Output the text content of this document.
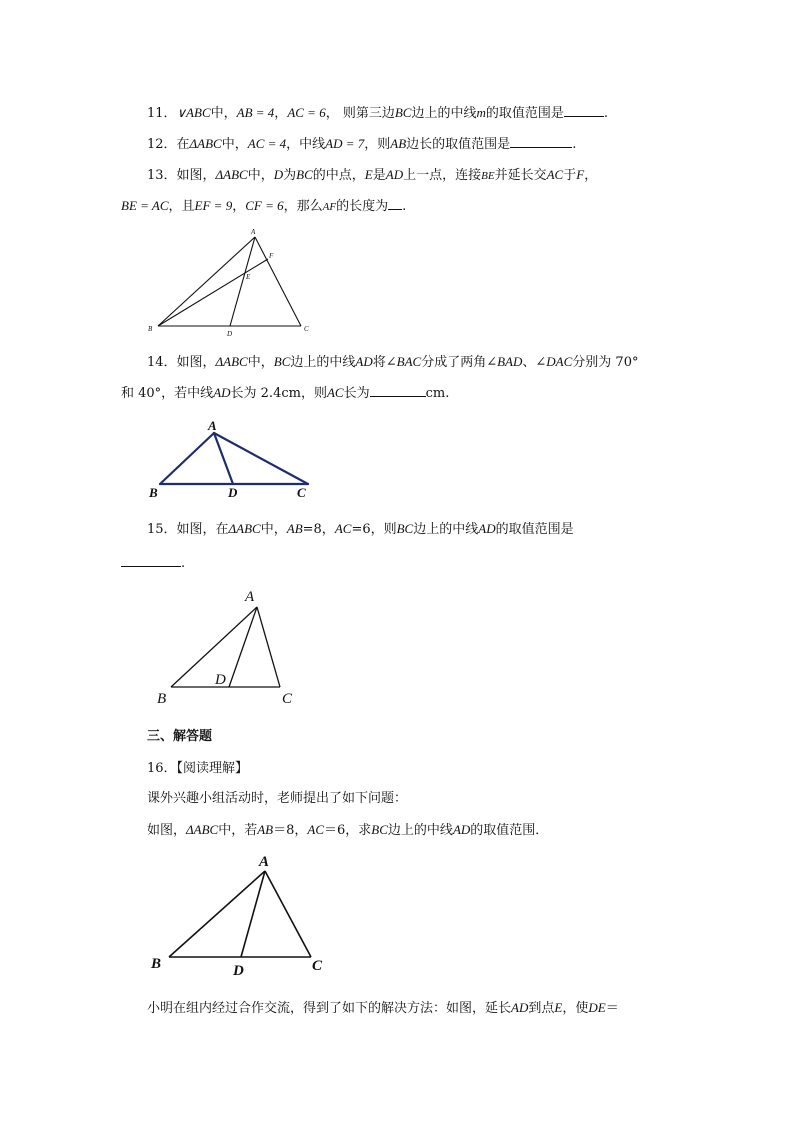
11．∨ABC中，AB = 4，AC = 6， 则第三边BC边上的中线m的取值范围是	.
12．在ΔABC中，AC = 4，中线AD = 7，则AB边长的取值范围是	.
13．如图，ΔABC中，D为BC的中点，E是AD上一点，连接BE并延长交AC于F，
BE = AC，且EF = 9，CF = 6，那么AF的长度为 .
A
B	C
D
E
F
14．如图，ΔABC中，BC边上的中线AD将∠BAC分成了两角∠BAD、∠DAC分别为 70°
和 40°，若中线AD长为 2.4cm，则AC长为	cm.
A
B	C
D
15．如图，在ΔABC中，AB=8，AC=6，则BC边上的中线AD的取值范围是
.
A
B	C
D
三、解答题
16．【阅读理解】
课外兴趣小组活动时，老师提出了如下问题：
如图，ΔABC中，若AB＝8，AC＝6，求BC边上的中线AD的取值范围．
A
B	C
D
小明在组内经过合作交流，得到了如下的解决方法：如图，延长AD到点E，使DE＝
